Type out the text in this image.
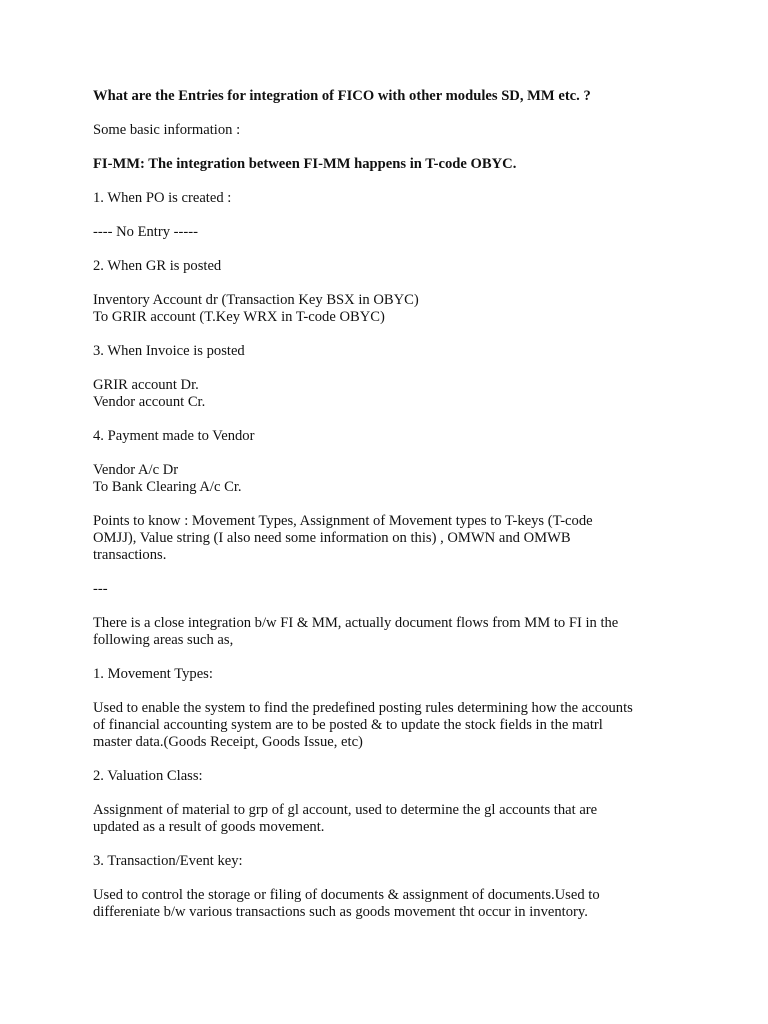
What are the Entries for integration of FICO with other modules SD, MM etc. ?
Some basic information :
FI-MM: The integration between FI-MM happens in T-code OBYC.
1. When PO is created :
---- No Entry -----
2. When GR is posted
Inventory Account dr (Transaction Key BSX in OBYC)
To GRIR account (T.Key WRX in T-code OBYC)
3. When Invoice is posted
GRIR account Dr.
Vendor account Cr.
4. Payment made to Vendor
Vendor A/c Dr
To Bank Clearing A/c Cr.
Points to know : Movement Types, Assignment of Movement types to T-keys (T-code
OMJJ), Value string (I also need some information on this) , OMWN and OMWB
transactions.
---
There is a close integration b/w FI & MM, actually document flows from MM to FI in the
following areas such as,
1. Movement Types:
Used to enable the system to find the predefined posting rules determining how the accounts
of financial accounting system are to be posted & to update the stock fields in the matrl
master data.(Goods Receipt, Goods Issue, etc)
2. Valuation Class:
Assignment of material to grp of gl account, used to determine the gl accounts that are
updated as a result of goods movement.
3. Transaction/Event key:
Used to control the storage or filing of documents & assignment of documents.Used to
differeniate b/w various transactions such as goods movement tht occur in inventory.
